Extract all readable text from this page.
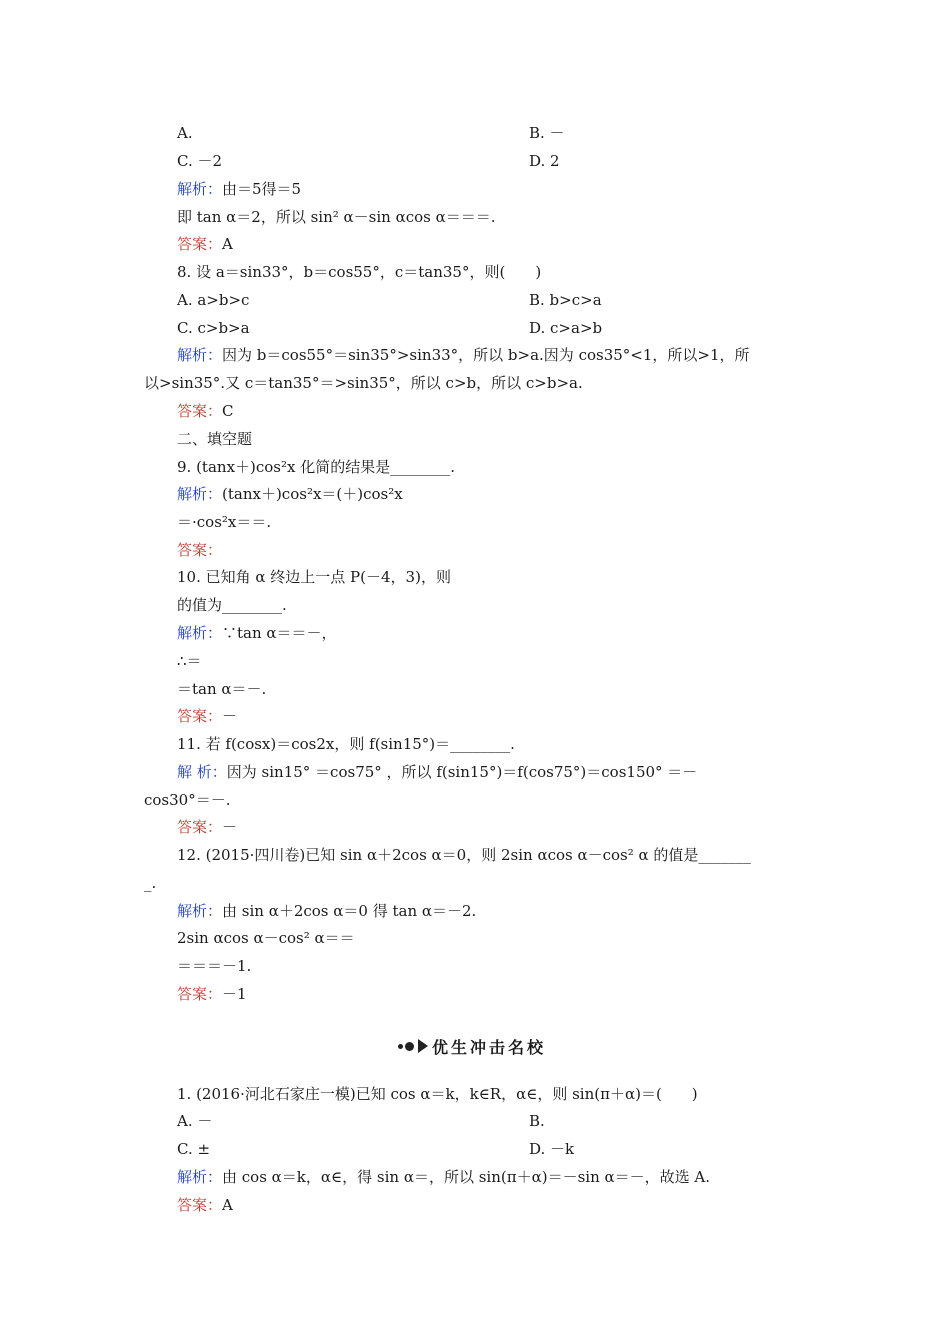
A.	B. －
C. －2	D. 2
解析：由＝5得＝5
即 tan α＝2，所以 sin² α－sin αcos α＝＝＝.
答案：A
8. 设 a＝sin33°，b＝cos55°，c＝tan35°，则(　　)
A. a>b>c	B. b>c>a
C. c>b>a	D. c>a>b
解析：因为 b＝cos55°＝sin35°>sin33°，所以 b>a.因为 cos35°<1，所以>1，所
以>sin35°.又 c＝tan35°＝>sin35°，所以 c>b，所以 c>b>a.
答案：C
二、填空题
9. (tanx＋)cos²x 化简的结果是________.
解析：(tanx＋)cos²x＝(＋)cos²x
＝·cos²x＝＝.
答案：
10. 已知角 α 终边上一点 P(－4，3)，则
的值为________.
解析：∵tan α＝＝－，
∴＝
＝tan α＝－.
答案：－
11. 若 f(cosx)＝cos2x，则 f(sin15°)＝________.
解 析：因为 sin15° ＝cos75° ，所以 f(sin15°)＝f(cos75°)＝cos150° ＝－
cos30°＝－.
答案：－
12. (2015·四川卷)已知 sin α＋2cos α＝0，则 2sin αcos α－cos² α 的值是_______
_.
解析：由 sin α＋2cos α＝0 得 tan α＝－2.
2sin αcos α－cos² α＝＝
＝＝＝－1.
答案：－1
优生冲击名校
1. (2016·河北石家庄一模)已知 cos α＝k，k∈R，α∈，则 sin(π＋α)＝(　　)
A. －	B.
C. ±	D. －k
解析：由 cos α＝k，α∈，得 sin α＝，所以 sin(π＋α)＝－sin α＝－，故选 A.
答案：A
